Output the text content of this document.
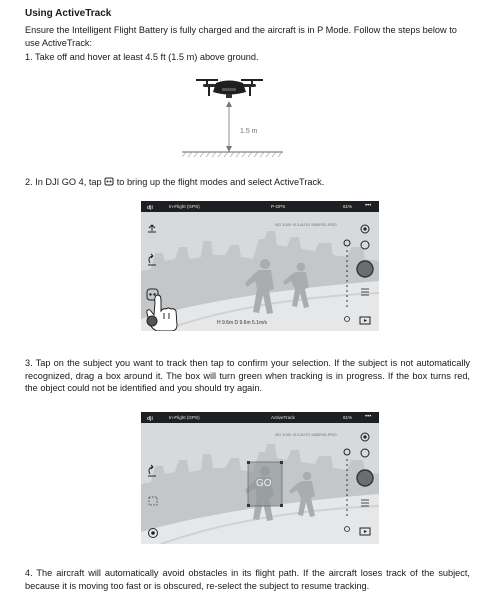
Using ActiveTrack
Ensure the Intelligent Flight Battery is fully charged and the aircraft is in P Mode. Follow the steps below to use ActiveTrack:
1. Take off and hover at least 4.5 ft (1.5 m) above ground.
1.5 m
2. In DJI GO 4, tap to bring up the flight modes and select ActiveTrack.
dji	In-Flight (GPS)	P-GPS	61% •••
ISO 1/100 +0.3 AUTO 1080P/30 JPEG
H 9.6m D 9.6m 5.1m/s
3. Tap on the subject you want to track then tap to confirm your selection. If the subject is not automatically recognized, drag a box around it. The box will turn green when tracking is in progress. If the box turns red, the object could not be identified and you should try again.
dji	In-Flight (GPS)	ActiveTrack	61% •••
ISO 1/100 +0.3 AUTO 1080P/30 JPEG
GO
4. The aircraft will automatically avoid obstacles in its flight path. If the aircraft loses track of the subject, because it is moving too fast or is obscured, re-select the subject to resume tracking.
